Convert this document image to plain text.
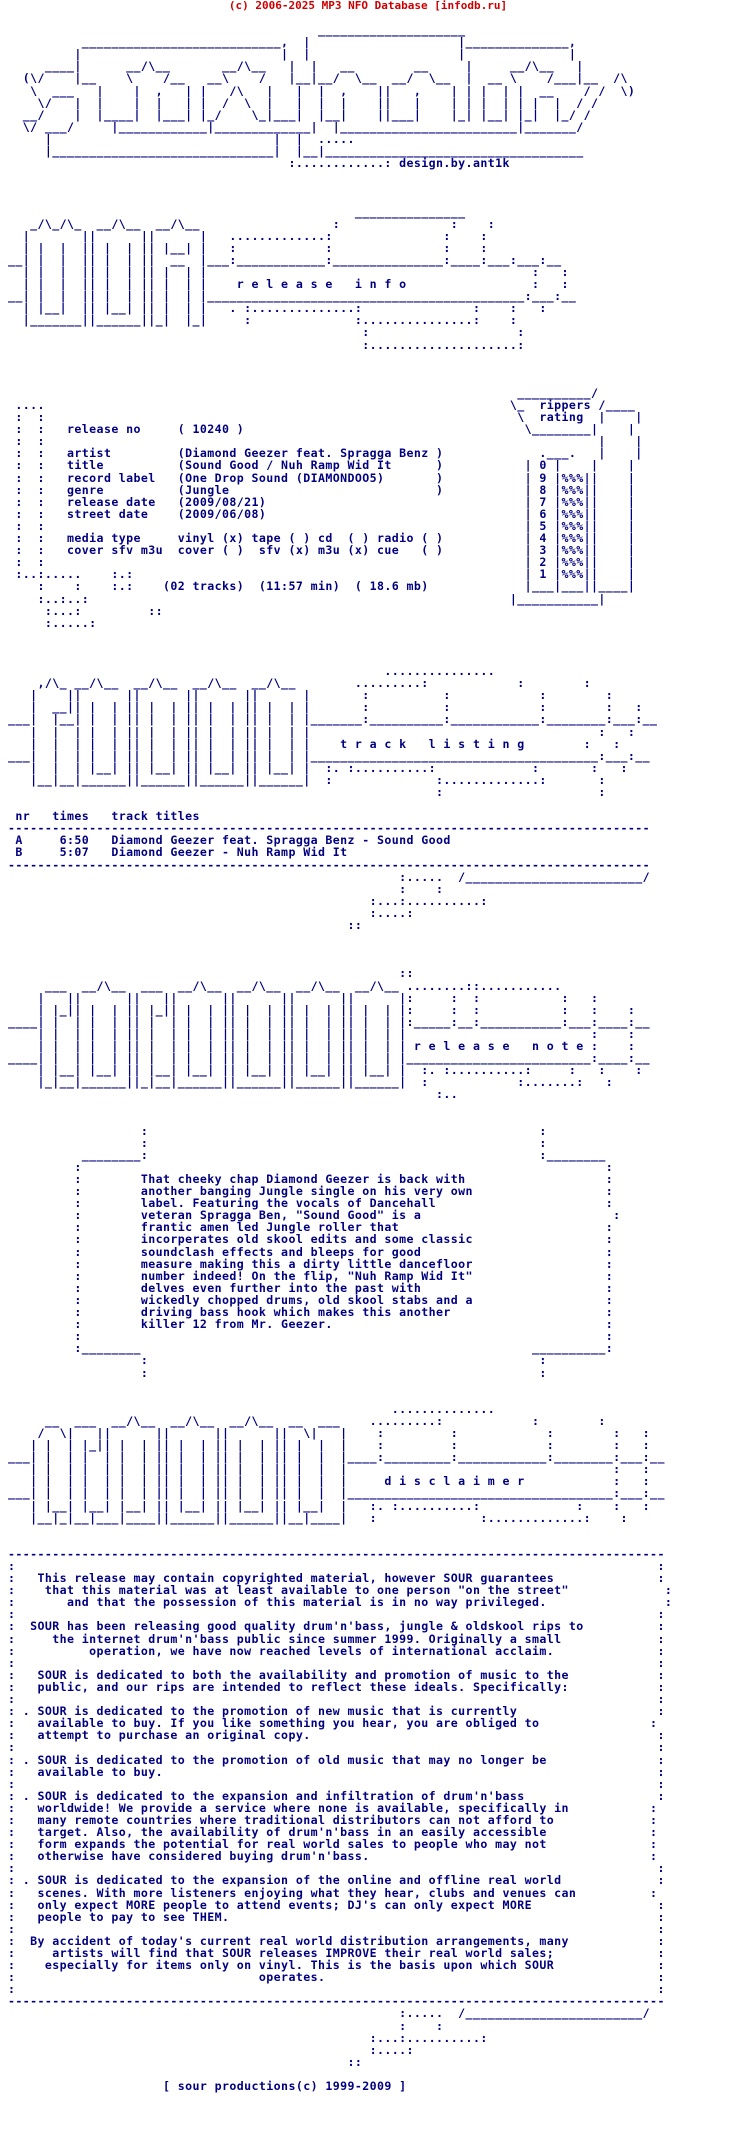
(c) 2006-2025 MP3 NFO Database [infodb.ru]

____________________
___________________________,  |                    |______________,
|                           |  |                    |              |
____|      __/\__       __/\__   |  |   __        __     |     __/\__   |
(\/    |__    \    /__   __\    /   |__|__/  \__  __/  \__  |  __ \    /___|__  /\
\  ___   |    |  ,   | |   /\   |   |  |  ,    ||   ,    | | |  | |  __    / /  \)
\/   |  |    |  |   | |  /  \  |   |  |  |    ||   |    | | |  | | |  |  / /
__/    |  |____|  |___| |_/    \_|___|  |__|    ||___|    |_| |__| |_|  |_/ /
\/ ___/     |____________|_____________|  |________________________|_______/
|                              |  |  .....
|______________________________|  |__|___________________________________
:............: design.by.ant1k

_______________
_/\_/\_  __/\__  __/\__                  :               :    :
|       ||      ||      |   .............:               :    :
| |  |  || |  | || |__| |   :            :               :    :
__| |  |  || |  | ||  __  |___:____________:_______________:____:___:___:__
| |  |  || |  | || |  | |                                            :   :
| |  |  || |  | || |  | |    r e l e a s e   i n f o                 :   :
__| |  |  || |  | || |  | |___________________________________________:___:__
| |__|  || |__| || |  | |   . :..............:               :    :   :
|_______||______||_|  |_|     :              :...............:    :
:                    :
:....................:

__________/
....                                                               \_  rippers /____
:  :                                                                \  rating  |    |
:  :   release no     ( 10240 )                                      \________|    |
:  :                                                                           |    |
:  :   artist         (Diamond Geezer feat. Spragga Benz )             .___.   |    |
:  :   title          (Sound Good / Nuh Ramp Wid It      )           | 0 |    |    |
:  :   record label   (One Drop Sound (DIAMONDOO5)       )           | 9 |%%%||    |
:  :   genre          (Jungle                            )           | 8 |%%%||    |
:  :   release date   (2009/08/21)                                   | 7 |%%%||    |
:  :   street date    (2009/06/08)                                   | 6 |%%%||    |
:  :                                                                 | 5 |%%%||    |
:  :   media type     vinyl (x) tape ( ) cd  ( ) radio ( )           | 4 |%%%||    |
:  :   cover sfv m3u  cover ( )  sfv (x) m3u (x) cue   ( )           | 3 |%%%||    |
:  :                                                                 | 2 |%%%||    |
:..:.....    :.:                                                     | 1 |%%%||    |
:    :    :.:    (02 tracks)  (11:57 min)  ( 18.6 mb)             |___|___||____|
:..:..:                                                         |___________|
:...:         ::
:.....:

...............
,/\_ __/\__  __/\__  __/\__  __/\__        .........:            :        :
|    ||      ||      ||      ||      |       :          :            :        :
|  __|| |  | || |  | || |  | || |  | |       :          :            :        :   :
___|  |__| |  | || |  | || |  | || |  | |_______:__________:____________:________:___:__
|  |  | |  | || |  | || |  | || |  | |                                       :   :
|  |  | |  | || |  | || |  | || |  | |    t r a c k   l i s t i n g        :   :
___|  |  | |  | || |  | || |  | || |  | |_______________________________________:___:__
|  |  | |__| || |__| || |__| || |__| |  :. :..........:             :       :   :
|__|__|______||______||______||______|  :              :.............:       :
:                     :

nr   times   track titles
---------------------------------------------------------------------------------------
A     6:50   Diamond Geezer feat. Spragga Benz - Sound Good
B     5:07   Diamond Geezer - Nuh Ramp Wid It
---------------------------------------------------------------------------------------
:.....  /________________________/
:    :
:...:..........:
:....:
::

::
___  __/\__  ___  __/\__  __/\__  __/\__  __/\__ ........::...........
|   ||      ||   ||      ||      ||      ||      |:     :  :           :   :
| |_|| |  | || |_|| |  | || |  | || |  | || |  | |:     :  :           :   :    :
____| |  | |  | || |  | |  | || |  | || |  | || |  | |:_____:__:___________:___:____:__
| |  | |  | || |  | |  | || |  | || |  | || |  | |                         :    :
| |  | |  | || |  | |  | || |  | || |  | || |  | | r e l e a s e   n o t e :    :
____| |  | |  | || |  | |  | || |  | || |  | || |  | |_________________________:____:__
| |__| |__| || |__| |__| || |__| || |__| || |__| |  :. :..........:     :   :    :
|_|__|______||_|__|______||______||______||______|  :            :.......:   :
:..

:                                                     :
:                                                     :
________:                                                     :________
:                                                                       :
:        That cheeky chap Diamond Geezer is back with                   :
:        another banging Jungle single on his very own                  :
:        label. Featuring the vocals of Dancehall                       :
:        veteran Spragga Ben, "Sound Good" is a                          :
:        frantic amen led Jungle roller that                            :
:        incorperates old skool edits and some classic                  :
:        soundclash effects and bleeps for good                         :
:        measure making this a dirty little dancefloor                  :
:        number indeed! On the flip, "Nuh Ramp Wid It"                  :
:        delves even further into the past with                         :
:        wickedly chopped drums, old skool stabs and a                  :
:        driving bass hook which makes this another                     :
:        killer 12 from Mr. Geezer.                                     :
:                                                                       :
:________                                                     __________:
:                                                     :
:                                                     :

..............
__  ___  __/\__  __/\__  __/\__  __  ___    .........:            :        :
/  \|   ||      ||      ||      ||  \|   |    :         :            :        :   :
| |  | |_|| |  | || |  | || |  | || |  |  |    :         :            :        :   :
___| |  | |  | |  | || |  | || |  | || |  |  |____:_________:____________:________:___:__
| |  | |  | |  | || |  | || |  | || |  |  |                                    :   :
| |  | |  | |  | || |  | || |  | || |  |  |     d i s c l a i m e r            :   :
___| |  | |  | |  | || |  | || |  | || |  |  |____________________________________:___:__
| |__| |__| |__| || |__| || |__| || |__|  |   :. :..........:             :    :   :
|__|_|__|___|____||______||______||__|____|   :              :.............:    :

-----------------------------------------------------------------------------------------
:                                                                                       :
:   This release may contain copyrighted material, however SOUR guarantees              :
:    that this material was at least available to one person "on the street"             :
:       and that the possession of this material is in no way privileged.                :
:                                                                                       :
:  SOUR has been releasing good quality drum'n'bass, jungle & oldskool rips to          :
:     the internet drum'n'bass public since summer 1999. Originally a small             :
:          operation, we have now reached levels of international acclaim.              :
:                                                                                       :
:   SOUR is dedicated to both the availability and promotion of music to the            :
:   public, and our rips are intended to reflect these ideals. Specifically:            :
:                                                                                       :
: . SOUR is dedicated to the promotion of new music that is currently                   :
:   available to buy. If you like something you hear, you are obliged to               :
:   attempt to purchase an original copy.                                               :
:                                                                                       :
: . SOUR is dedicated to the promotion of old music that may no longer be               :
:   available to buy.                                                                   :
:                                                                                       :
: . SOUR is dedicated to the expansion and infiltration of drum'n'bass                  :
:   worldwide! We provide a service where none is available, specifically in           :
:   many remote countries where traditional distributors can not afford to             :
:   target. Also, the availability of drum'n'bass in an easily accessible              :
:   form expands the potential for real world sales to people who may not              :
:   otherwise have considered buying drum'n'bass.                                      :
:                                                                                       :
: . SOUR is dedicated to the expansion of the online and offline real world             :
:   scenes. With more listeners enjoying what they hear, clubs and venues can          :
:   only expect MORE people to attend events; DJ's can only expect MORE                 :
:   people to pay to see THEM.                                                          :
:                                                                                       :
:  By accident of today's current real world distribution arrangements, many            :
:     artists will find that SOUR releases IMPROVE their real world sales;              :
:    especially for items only on vinyl. This is the basis upon which SOUR              :
:                                 operates.                                             :
:                                                                                       :
-----------------------------------------------------------------------------------------
:.....  /________________________/
:    :
:...:..........:
:....:
::

[ sour productions(c) 1999-2009 ]
